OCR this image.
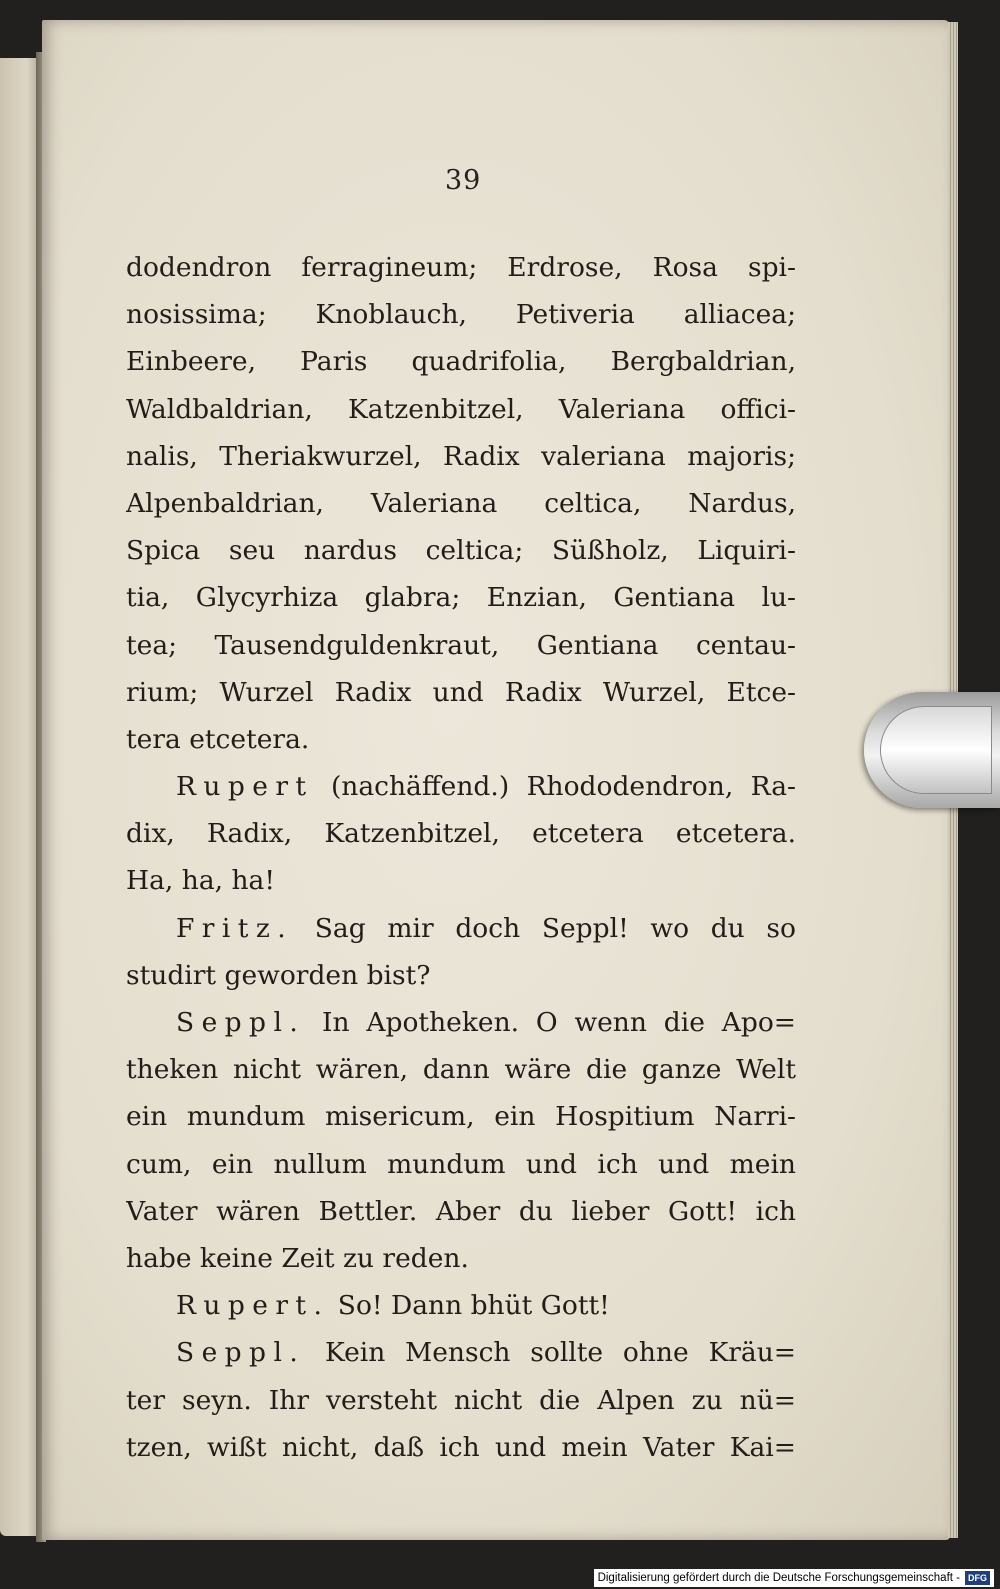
39
dodendron ferragineum; Erdrose, Rosa spi-
nosissima; Knoblauch, Petiveria alliacea;
Einbeere, Paris quadrifolia, Bergbaldrian,
Waldbaldrian, Katzenbitzel, Valeriana offici-
nalis, Theriakwurzel, Radix valeriana majoris;
Alpenbaldrian, Valeriana celtica, Nardus,
Spica seu nardus celtica; Süßholz, Liquiri-
tia, Glycyrhiza glabra; Enzian, Gentiana lu-
tea; Tausendguldenkraut, Gentiana centau-
rium; Wurzel Radix und Radix Wurzel, Etce-
tera etcetera.
Rupert (nachäffend.) Rhododendron, Ra-
dix, Radix, Katzenbitzel, etcetera etcetera.
Ha, ha, ha!
Fritz. Sag mir doch Seppl! wo du so
studirt geworden bist?
Seppl. In Apotheken. O wenn die Apo=
theken nicht wären, dann wäre die ganze Welt
ein mundum misericum, ein Hospitium Narri-
cum, ein nullum mundum und ich und mein
Vater wären Bettler. Aber du lieber Gott! ich
habe keine Zeit zu reden.
Rupert. So! Dann bhüt Gott!
Seppl. Kein Mensch sollte ohne Kräu=
ter seyn. Ihr versteht nicht die Alpen zu nü=
tzen, wißt nicht, daß ich und mein Vater Kai=
Digitalisierung gefördert durch die Deutsche Forschungsgemeinschaft - DFG
